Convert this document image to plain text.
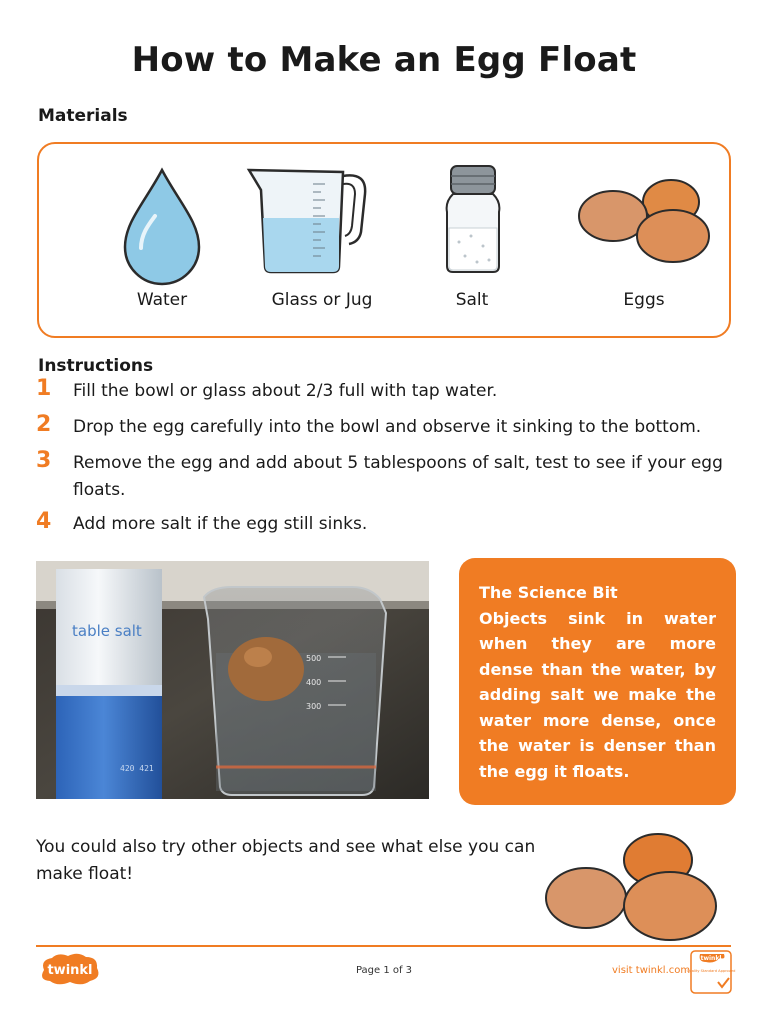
How to Make an Egg Float
Materials
Water	Glass or Jug	Salt	Eggs
Instructions
1 Fill the bowl or glass about 2/3 full with tap water.
2 Drop the egg carefully into the bowl and observe it sinking to the bottom.
3 Remove the egg and add about 5 tablespoons of salt, test to see if your egg floats.
4 Add more salt if the egg still sinks.
table salt
420 421
500
400
300
The Science Bit
Objects sink in water when they are more dense than the water, by adding salt we make the water more dense, once the water is denser than the egg it floats.
You could also try other objects and see what else you can make float!
twinkl	Page 1 of 3	visit twinkl.com
twinkl
Quality Standard Approved
